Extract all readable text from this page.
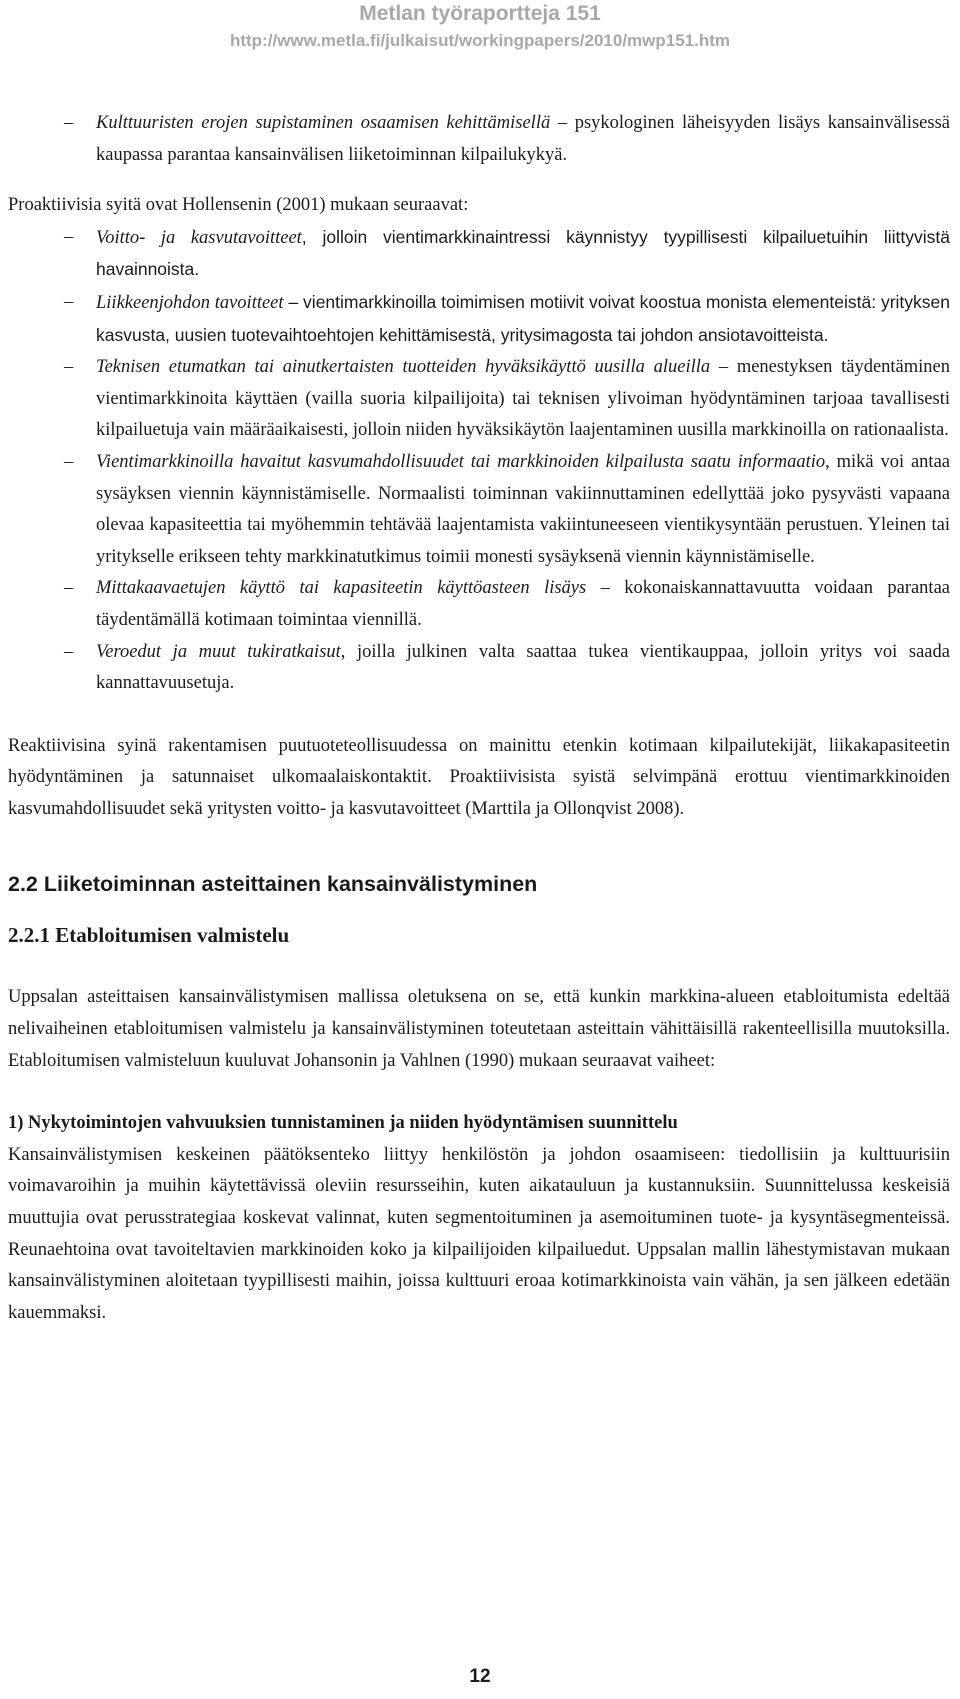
Metlan työraportteja 151
http://www.metla.fi/julkaisut/workingpapers/2010/mwp151.htm
– Kulttuuristen erojen supistaminen osaamisen kehittämisellä – psykologinen läheisyyden lisäys kansainvälisessä kaupassa parantaa kansainvälisen liiketoiminnan kilpailukykyä.

Proaktiivisia syitä ovat Hollensenin (2001) mukaan seuraavat:

– Voitto- ja kasvutavoitteet, jolloin vientimarkkinaintressi käynnistyy tyypillisesti kilpailuetuihin liittyvistä havainnoista.
– Liikkeenjohdon tavoitteet – vientimarkkinoilla toimimisen motiivit voivat koostua monista elementeistä: yrityksen kasvusta, uusien tuotevaihtoehtojen kehittämisestä, yritysimagosta tai johdon ansiotavoitteista.
– Teknisen etumatkan tai ainutkertaisten tuotteiden hyväksikäyttö uusilla alueilla – menestyksen täydentäminen vientimarkkinoita käyttäen (vailla suoria kilpailijoita) tai teknisen ylivoiman hyödyntäminen tarjoaa tavallisesti kilpailuetuja vain määräaikaisesti, jolloin niiden hyväksikäytön laajentaminen uusilla markkinoilla on rationaalista.
– Vientimarkkinoilla havaitut kasvumahdollisuudet tai markkinoiden kilpailusta saatu informaatio, mikä voi antaa sysäyksen viennin käynnistämiselle. Normaalisti toiminnan vakiinnuttaminen edellyttää joko pysyvästi vapaana olevaa kapasiteettia tai myöhemmin tehtävää laajentamista vakiintuneeseen vientikysyntään perustuen. Yleinen tai yritykselle erikseen tehty markkinatutkimus toimii monesti sysäyksenä viennin käynnistämiselle.
– Mittakaavaetujen käyttö tai kapasiteetin käyttöasteen lisäys – kokonaiskannattavuutta voidaan parantaa täydentämällä kotimaan toimintaa viennillä.
– Veroedut ja muut tukiratkaisut, joilla julkinen valta saattaa tukea vientikauppaa, jolloin yritys voi saada kannattavuusetuja.

Reaktiivisina syinä rakentamisen puutuoteteollisuudessa on mainittu etenkin kotimaan kilpailutekijät, liikakapasiteetin hyödyntäminen ja satunnaiset ulkomaalaiskontaktit. Proaktiivisista syistä selvimpänä erottuu vientimarkkinoiden kasvumahdollisuudet sekä yritysten voitto- ja kasvutavoitteet (Marttila ja Ollonqvist 2008).

2.2 Liiketoiminnan asteittainen kansainvälistyminen
2.2.1 Etabloitumisen valmistelu

Uppsalan asteittaisen kansainvälistymisen mallissa oletuksena on se, että kunkin markkina-alueen etabloitumista edeltää nelivaiheinen etabloitumisen valmistelu ja kansainvälistyminen toteutetaan asteittain vähittäisillä rakenteellisilla muutoksilla. Etabloitumisen valmisteluun kuuluvat Johansonin ja Vahlnen (1990) mukaan seuraavat vaiheet:

1) Nykytoimintojen vahvuuksien tunnistaminen ja niiden hyödyntämisen suunnittelu

Kansainvälistymisen keskeinen päätöksenteko liittyy henkilöstön ja johdon osaamiseen: tiedollisiin ja kulttuurisiin voimavaroihin ja muihin käytettävissä oleviin resursseihin, kuten aikatauluun ja kustannuksiin. Suunnittelussa keskeisiä muuttujia ovat perusstrategiaa koskevat valinnat, kuten segmentoituminen ja asemoituminen tuote- ja kysyntäsegmenteissä. Reunaehtoina ovat tavoiteltavien markkinoiden koko ja kilpailijoiden kilpailuedut. Uppsalan mallin lähestymistavan mukaan kansainvälistyminen aloitetaan tyypillisesti maihin, joissa kulttuuri eroaa kotimarkkinoista vain vähän, ja sen jälkeen edetään kauemmaksi.

12
